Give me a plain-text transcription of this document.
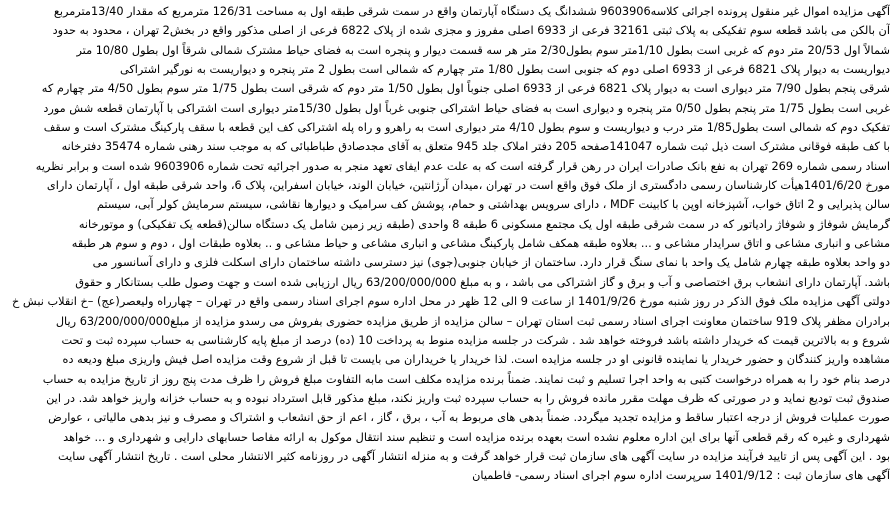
آگهی مزایده اموال غیر منقول پرونده اجرائی کلاسه9603906 ششدانگ یک دستگاه آپارتمان واقع در سمت شرقی طبقه اول به مساحت 126/31 مترمربع که مقدار 13/40مترمربع
آن بالکن می باشد قطعه سوم تفکیکی به پلاک ثبتی 32161 فرعی از 6933 اصلی مفروز و مجزی شده از پلاک 6822 فرعی از اصلی مذکور واقع در بخش2 تهران ، محدود به حدود
شمالاً اول 20/53 متر دوم که غربی است بطول 1/10متر سوم بطول2/30 متر هر سه قسمت دیوار و پنجره است به فضای حیاط مشترک شمالی شرقاً اول بطول 10/80 متر
دیواریست به دیوار پلاک 6821 فرعی از 6933 اصلی دوم که جنوبی است بطول 1/80 متر چهارم که شمالی است بطول 2 متر پنجره و دیواریست به نورگیر اشتراکی
شرقی پنجم بطول 7/90 متر دیواری است به دیوار پلاک 6821 فرعی از 6933 اصلی جنوباً اول بطول 1/50 متر دوم که شرقی است بطول 1/75 متر سوم بطول 4/50 متر چهارم که
غربی است بطول 1/75 متر پنجم بطول 0/50 متر پنجره و دیواری است به فضای حیاط اشتراکی جنوبی غرباً اول بطول 15/30متر دیواری است اشتراکی با آپارتمان قطعه شش مورد
تفکیک دوم که شمالی است بطول1/85 متر درب و دیواریست و سوم بطول 4/10 متر دیواری است به راهرو و راه پله اشتراکی کف این قطعه با سقف پارکینگ مشترک است و سقف
با کف طبقه فوقانی مشترک است ذیل ثبت شماره 141047صفحه 205 دفتر املاک جلد 945 متعلق به آقای مجدصادق طباطبائی که به موجب سند رهنی شماره 35474 دفترخانه
اسناد رسمی شماره 269 تهران به نفع بانک صادرات ایران در رهن قرار گرفته است که به علت عدم ایفای تعهد منجر به صدور اجرائیه تحت شماره 9603906 شده است و برابر نظریه
مورخ 1401/6/20هیأت کارشناسان رسمی دادگستری از ملک فوق واقع است در تهران ،میدان آرژانتین، خیابان الوند، خیابان اسفراین، پلاک 6، واحد شرقی طبقه اول ، آپارتمان دارای
سالن پذیرایی و 2 اتاق خواب، آشپزخانه اوپن با کابینت MDF ، دارای سرویس بهداشتی و حمام، پوشش کف سرامیک و دیوارها نقاشی، سیستم سرمایش کولر آبی، سیستم
گرمایش شوفاژ و شوفاژ رادیاتور که در سمت شرقی طبقه اول یک مجتمع مسکونی 6 طبقه 8 واحدی (طبقه زیر زمین شامل یک دستگاه سالن(قطعه یک تفکیکی) و موتورخانه
مشاعی و انباری مشاعی و اتاق سرایدار مشاعی و ... بعلاوه طبقه همکف شامل پارکینگ مشاعی و انباری مشاعی و حیاط مشاعی و .. بعلاوه طبقات اول ، دوم و سوم هر طبقه
دو واحد بعلاوه طبقه چهارم شامل یک واحد با نمای سنگ قرار دارد. ساختمان از خیابان جنوبی(جوی) نیز دسترسی داشته ساختمان دارای اسکلت فلزی و دارای آسانسور می
باشد. آپارتمان دارای انشعاب برق اختصاصی و آب و برق و گاز اشتراکی می باشد ، و به مبلغ 63/200/000/000 ریال ارزیابی شده است و جهت وصول طلب بستانکار و حقوق
دولتی آگهی مزایده ملک فوق الذکر در روز شنبه مورخ 1401/9/26 از ساعت 9 الی 12 ظهر در محل اداره سوم اجرای اسناد رسمی واقع در تهران – چهارراه ولیعصر(عج) –خ انقلاب نبش خ
برادران مظفر پلاک 919 ساختمان معاونت اجرای اسناد رسمی ثبت استان تهران – سالن مزایده از طریق مزایده حضوری بفروش می رسدو مزایده از مبلغ63/200/000/000 ریال
شروع و به بالاترین قیمت که خریدار داشته باشد فروخته خواهد شد . شرکت در جلسه مزایده منوط به پرداخت 10 (ده) درصد از مبلغ پایه کارشناسی به حساب سپرده ثبت و تحت
مشاهده واریز کنندگان و حضور خریدار یا نماینده قانونی او در جلسه مزایده است. لذا خریدار یا خریداران می بایست تا قبل از شروع وقت مزایده اصل فیش واریزی مبلغ ودیعه ده
درصد بنام خود را به همراه درخواست کتبی به واحد اجرا تسلیم و ثبت نمایند. ضمناً برنده مزایده مکلف است مابه التفاوت مبلغ فروش را ظرف مدت پنج روز از تاریخ مزایده به حساب
صندوق ثبت تودیع نماید و در صورتی که ظرف مهلت مقرر مانده فروش را به حساب سپرده ثبت واریز نکند، مبلغ مذکور قابل استرداد نبوده و به حساب خزانه واریز خواهد شد. در این
صورت عملیات فروش از درجه اعتبار ساقط و مزایده تجدید میگردد. ضمناً بدهی های مربوط به آب ، برق ، گاز ، اعم از حق انشعاب و اشتراک و مصرف و نیز بدهی مالیاتی ، عوارض
شهرداری و غیره که رقم قطعی آنها برای این اداره معلوم نشده است بعهده برنده مزایده است و تنظیم سند انتقال موکول به ارائه مفاصا حسابهای دارایی و شهرداری و ... خواهد
بود . این آگهی پس از تایید فرآیند مزایده در سایت آگهی های سازمان ثبت قرار خواهد گرفت و به منزله انتشار آگهی در روزنامه کثیر الانتشار محلی است . تاریخ انتشار آگهی سایت
آگهی های سازمان ثبت : 1401/9/12 سرپرست اداره سوم اجرای اسناد رسمی- فاطمیان
